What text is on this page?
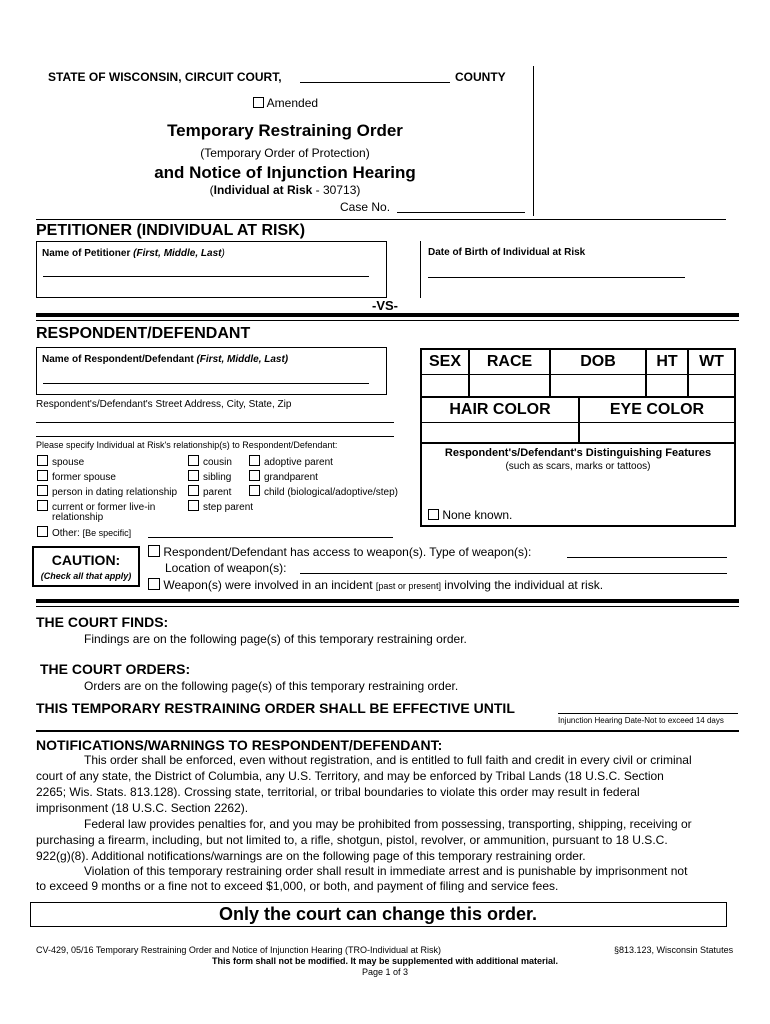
STATE OF WISCONSIN, CIRCUIT COURT,	COUNTY
Amended
Temporary Restraining Order
(Temporary Order of Protection)
and Notice of Injunction Hearing
(Individual at Risk - 30713)
Case No.
PETITIONER (INDIVIDUAL AT RISK)
Name of Petitioner (First, Middle, Last)	Date of Birth of Individual at Risk
-VS-
RESPONDENT/DEFENDANT
Name of Respondent/Defendant (First, Middle, Last)
Respondent's/Defendant's Street Address, City, State, Zip
Please specify Individual at Risk's relationship(s) to Respondent/Defendant:
spouse
former spouse
person in dating relationship
current or former live-in
relationship
Other: [Be specific]
cousin
sibling
parent
step parent
adoptive parent
grandparent
child (biological/adoptive/step)
SEX	RACE	DOB	HT	WT
HAIR COLOR	EYE COLOR
Respondent's/Defendant's Distinguishing Features
(such as scars, marks or tattoos)
None known.
CAUTION:
(Check all that apply)
Respondent/Defendant has access to weapon(s). Type of weapon(s):
Location of weapon(s):
Weapon(s) were involved in an incident [past or present] involving the individual at risk.
THE COURT FINDS:
Findings are on the following page(s) of this temporary restraining order.
THE COURT ORDERS:
Orders are on the following page(s) of this temporary restraining order.
THIS TEMPORARY RESTRAINING ORDER SHALL BE EFFECTIVE UNTIL
Injunction Hearing Date-Not to exceed 14 days
NOTIFICATIONS/WARNINGS TO RESPONDENT/DEFENDANT:
This order shall be enforced, even without registration, and is entitled to full faith and credit in every civil or criminal
court of any state, the District of Columbia, any U.S. Territory, and may be enforced by Tribal Lands (18 U.S.C. Section
2265; Wis. Stats. 813.128). Crossing state, territorial, or tribal boundaries to violate this order may result in federal
imprisonment (18 U.S.C. Section 2262).
Federal law provides penalties for, and you may be prohibited from possessing, transporting, shipping, receiving or
purchasing a firearm, including, but not limited to, a rifle, shotgun, pistol, revolver, or ammunition, pursuant to 18 U.S.C.
922(g)(8). Additional notifications/warnings are on the following page of this temporary restraining order.
Violation of this temporary restraining order shall result in immediate arrest and is punishable by imprisonment not
to exceed 9 months or a fine not to exceed $1,000, or both, and payment of filing and service fees.
Only the court can change this order.
CV-429, 05/16 Temporary Restraining Order and Notice of Injunction Hearing (TRO-Individual at Risk)	§813.123, Wisconsin Statutes
This form shall not be modified. It may be supplemented with additional material.
Page 1 of 3
